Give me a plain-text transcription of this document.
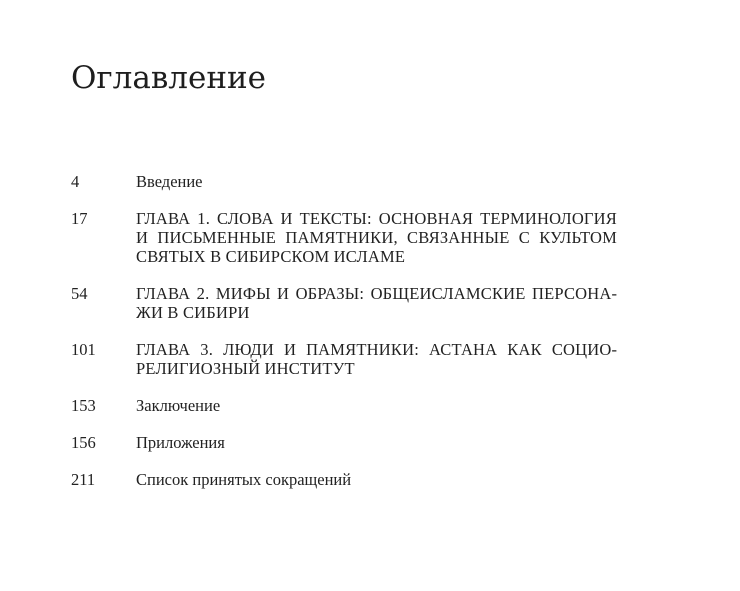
Оглавление
4	Введение
17	ГЛАВА 1. СЛОВА И ТЕКСТЫ: ОСНОВНАЯ ТЕРМИНОЛОГИЯ И ПИСЬМЕННЫЕ ПАМЯТНИКИ, СВЯЗАННЫЕ С КУЛЬТОМ СВЯТЫХ В СИБИРСКОМ ИСЛАМЕ
54	ГЛАВА 2. МИФЫ И ОБРАЗЫ: ОБЩЕИСЛАМСКИЕ ПЕРСОНАЖИ В СИБИРИ
101	ГЛАВА 3. ЛЮДИ И ПАМЯТНИКИ: АСТАНА КАК СОЦИОРЕЛИГИОЗНЫЙ ИНСТИТУТ
153	Заключение
156	Приложения
211	Список принятых сокращений
